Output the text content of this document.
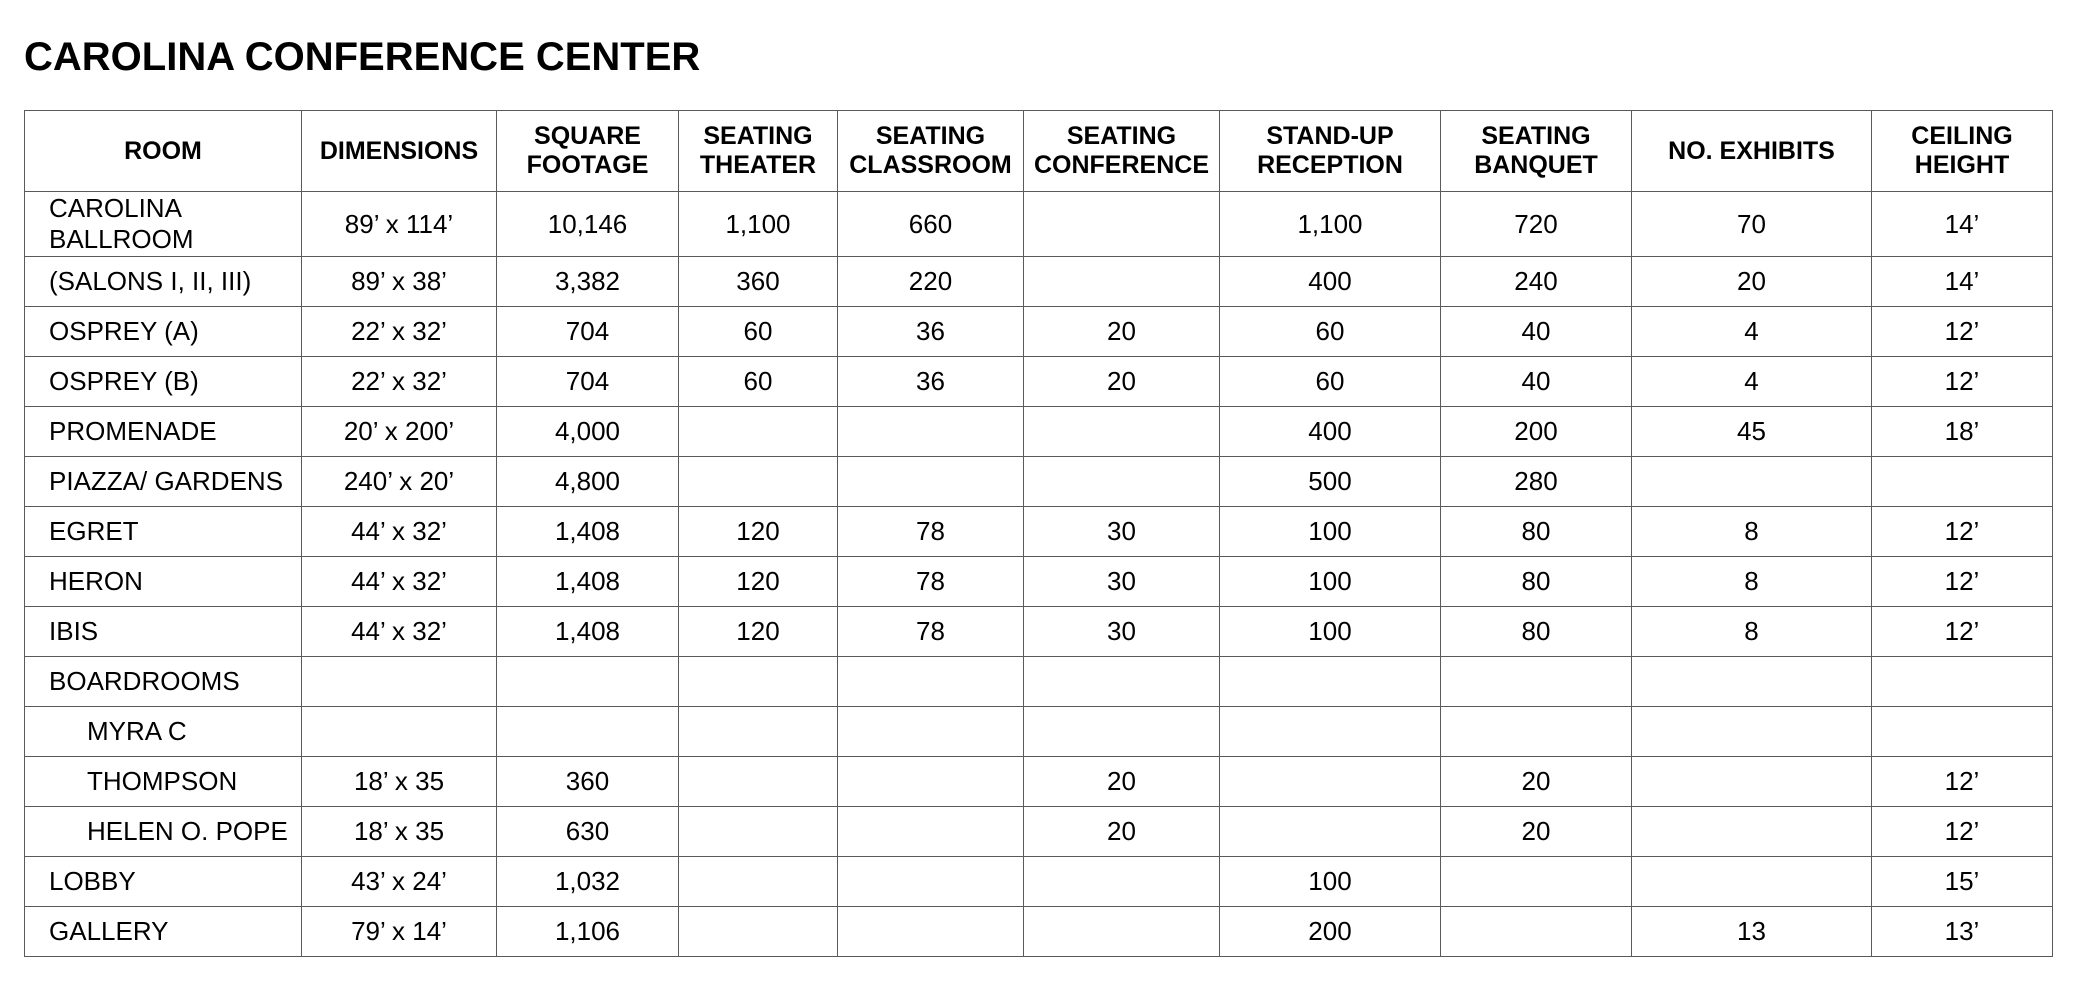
CAROLINA CONFERENCE CENTER
ROOM	DIMENSIONS	SQUARE FOOTAGE	SEATING THEATER	SEATING CLASSROOM	SEATING CONFERENCE	STAND-UP RECEPTION	SEATING BANQUET	NO. EXHIBITS	CEILING HEIGHT
CAROLINA BALLROOM	89’ x 114’	10,146	1,100	660		1,100	720	70	14’
(SALONS I, II, III)	89’ x 38’	3,382	360	220		400	240	20	14’
OSPREY (A)	22’ x 32’	704	60	36	20	60	40	4	12’
OSPREY (B)	22’ x 32’	704	60	36	20	60	40	4	12’
PROMENADE	20’ x 200’	4,000				400	200	45	18’
PIAZZA/ GARDENS	240’ x 20’	4,800				500	280		
EGRET	44’ x 32’	1,408	120	78	30	100	80	8	12’
HERON	44’ x 32’	1,408	120	78	30	100	80	8	12’
IBIS	44’ x 32’	1,408	120	78	30	100	80	8	12’
BOARDROOMS									
MYRA C									
THOMPSON	18’ x 35	360			20		20		12’
HELEN O. POPE	18’ x 35	630			20		20		12’
LOBBY	43’ x 24’	1,032				100			15’
GALLERY	79’ x 14’	1,106				200		13	13’
